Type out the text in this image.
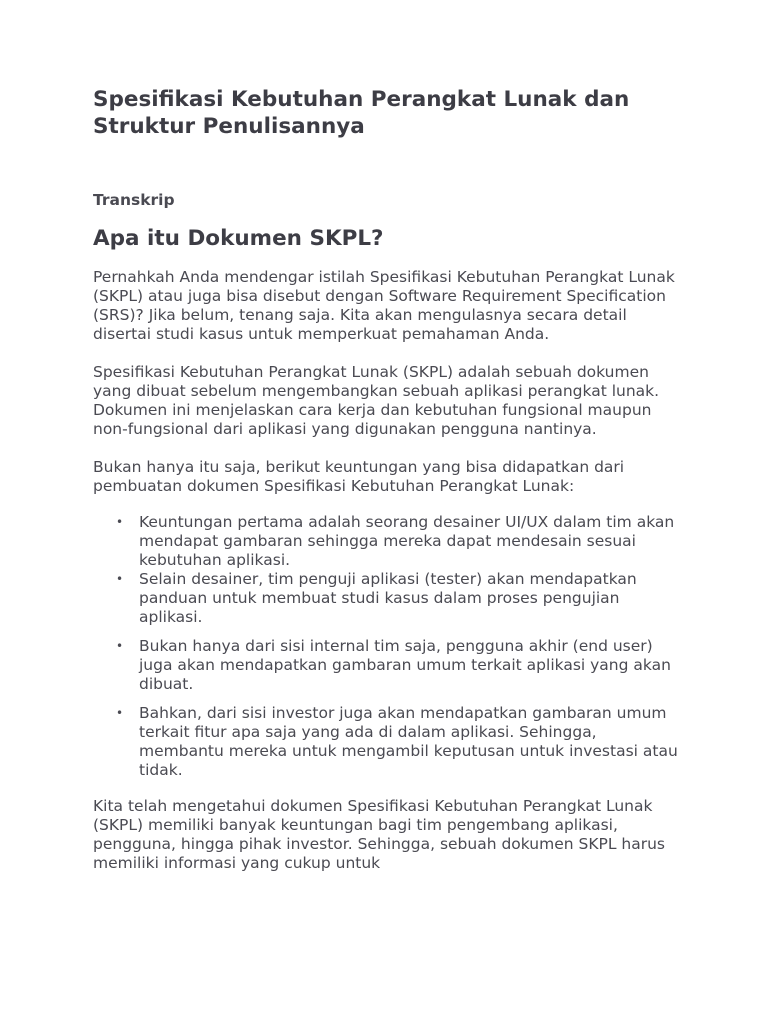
Spesifikasi Kebutuhan Perangkat Lunak dan Struktur Penulisannya
Transkrip
Apa itu Dokumen SKPL?

Pernahkah Anda mendengar istilah Spesifikasi Kebutuhan Perangkat Lunak (SKPL) atau juga bisa disebut dengan Software Requirement Specification (SRS)? Jika belum, tenang saja. Kita akan mengulasnya secara detail disertai studi kasus untuk memperkuat pemahaman Anda.

Spesifikasi Kebutuhan Perangkat Lunak (SKPL) adalah sebuah dokumen yang dibuat sebelum mengembangkan sebuah aplikasi perangkat lunak. Dokumen ini menjelaskan cara kerja dan kebutuhan fungsional maupun non-fungsional dari aplikasi yang digunakan pengguna nantinya.

Bukan hanya itu saja, berikut keuntungan yang bisa didapatkan dari pembuatan dokumen Spesifikasi Kebutuhan Perangkat Lunak:

• Keuntungan pertama adalah seorang desainer UI/UX dalam tim akan mendapat gambaran sehingga mereka dapat mendesain sesuai kebutuhan aplikasi.
• Selain desainer, tim penguji aplikasi (tester) akan mendapatkan panduan untuk membuat studi kasus dalam proses pengujian aplikasi.
• Bukan hanya dari sisi internal tim saja, pengguna akhir (end user) juga akan mendapatkan gambaran umum terkait aplikasi yang akan dibuat.
• Bahkan, dari sisi investor juga akan mendapatkan gambaran umum terkait fitur apa saja yang ada di dalam aplikasi. Sehingga, membantu mereka untuk mengambil keputusan untuk investasi atau tidak.

Kita telah mengetahui dokumen Spesifikasi Kebutuhan Perangkat Lunak (SKPL) memiliki banyak keuntungan bagi tim pengembang aplikasi, pengguna, hingga pihak investor. Sehingga, sebuah dokumen SKPL harus memiliki informasi yang cukup untuk
